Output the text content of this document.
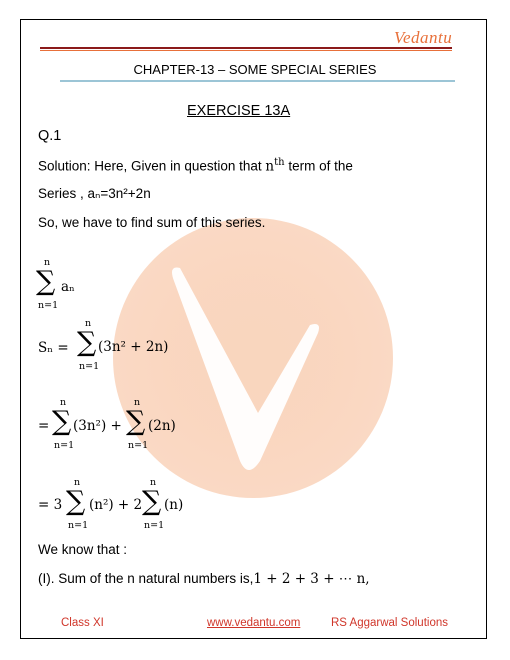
Vedantu
CHAPTER-13 – SOME SPECIAL SERIES
EXERCISE 13A
Q.1
Solution: Here, Given in question that $n^{th}$ term of the
Series , aₙ=3n²+2n
So, we have to find sum of this series.
n
∑
n=1
aₙ
Sₙ =
n
∑
n=1
(3n² + 2n)
=
n
∑
n=1
(3n²) +
n
∑
n=1
(2n)
= 3
n
∑
n=1
(n²) + 2
n
∑
n=1
(n)
We know that :
(I). Sum of the n natural numbers is,1 + 2 + 3 + ⋯ n,
Class XI	www.vedantu.com	RS Aggarwal Solutions
